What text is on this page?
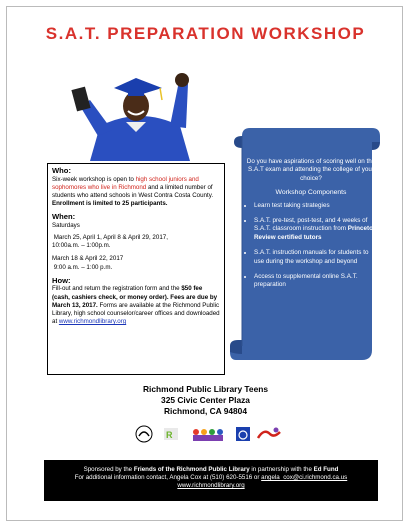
S.A.T. PREPARATION WORKSHOP
Who:

Six-week workshop is open to high school juniors and sophomores who live in Richmond and a limited number of students who attend schools in West Contra Costa County. Enrollment is limited to 25 participants.

When:

Saturdays

March 25, April 1, April 8 & April 29, 2017,
10:00a.m. – 1:00p.m.

March 18 & April 22, 2017
9:00 a.m. – 1:00 p.m.

How:

Fill-out and return the registration form and the $50 fee (cash, cashiers check, or money order). Fees are due by March 13, 2017. Forms are available at the Richmond Public Library, high school counselor/career offices and downloaded at www.richmondlibrary.org

Do you have aspirations of scoring well on the S.A.T exam and attending the college of your choice?
Workshop Components
• Learn test taking strategies
• S.A.T. pre-test, post-test, and 4 weeks of S.A.T. classroom instruction from Princeton Review certified tutors
• S.A.T. instruction manuals for students to use during the workshop and beyond
• Access to supplemental online S.A.T. preparation
Richmond Public Library Teens
325 Civic Center Plaza
Richmond, CA 94804
R
Sponsored by the Friends of the Richmond Public Library in partnership with the Ed Fund
For additional information contact, Angela Cox at (510) 620-5516 or angela_cox@ci.richmond.ca.us
www.richmondlibrary.org
